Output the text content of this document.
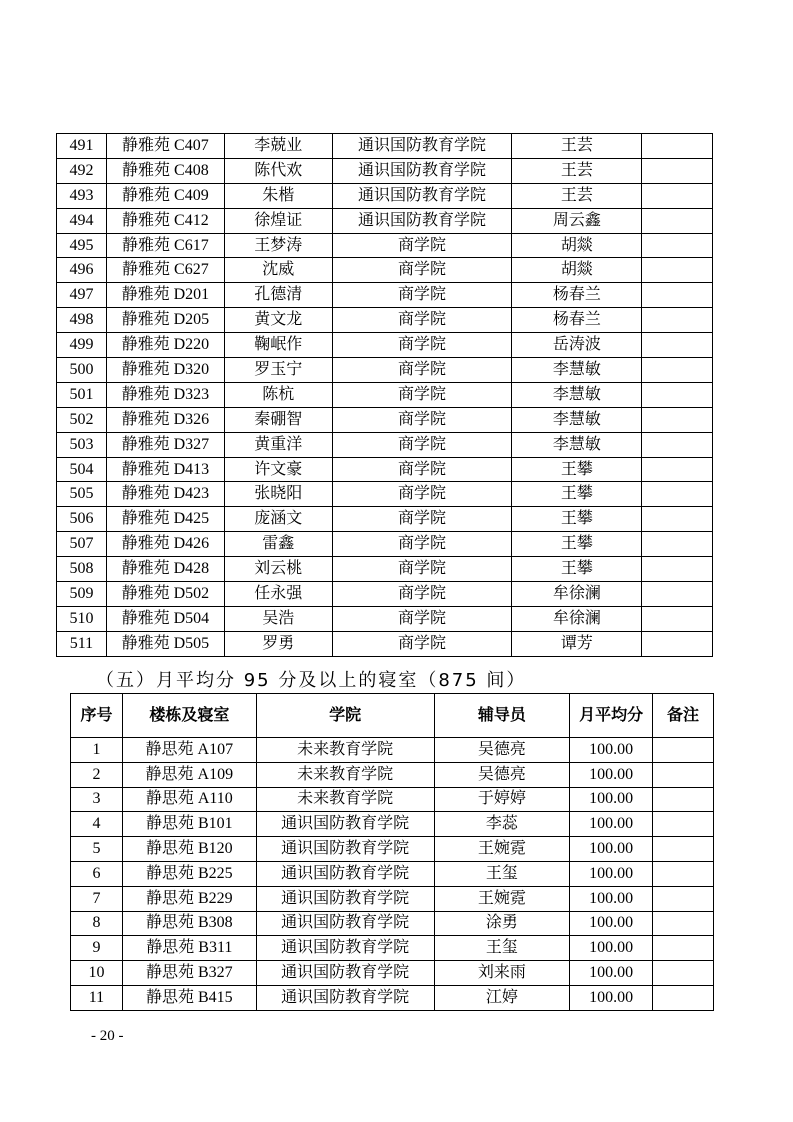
491	静雅苑 C407	李兢业	通识国防教育学院	王芸	
492	静雅苑 C408	陈代欢	通识国防教育学院	王芸	
493	静雅苑 C409	朱楷	通识国防教育学院	王芸	
494	静雅苑 C412	徐煌证	通识国防教育学院	周云鑫	
495	静雅苑 C617	王梦涛	商学院	胡燚	
496	静雅苑 C627	沈威	商学院	胡燚	
497	静雅苑 D201	孔德清	商学院	杨春兰	
498	静雅苑 D205	黄文龙	商学院	杨春兰	
499	静雅苑 D220	鞠岷作	商学院	岳涛波	
500	静雅苑 D320	罗玉宁	商学院	李慧敏	
501	静雅苑 D323	陈杭	商学院	李慧敏	
502	静雅苑 D326	秦硼智	商学院	李慧敏	
503	静雅苑 D327	黄重洋	商学院	李慧敏	
504	静雅苑 D413	许文豪	商学院	王攀	
505	静雅苑 D423	张晓阳	商学院	王攀	
506	静雅苑 D425	庞涵文	商学院	王攀	
507	静雅苑 D426	雷鑫	商学院	王攀	
508	静雅苑 D428	刘云桃	商学院	王攀	
509	静雅苑 D502	任永强	商学院	牟徐澜	
510	静雅苑 D504	吴浩	商学院	牟徐澜	
511	静雅苑 D505	罗勇	商学院	谭芳	
（五）月平均分 95 分及以上的寝室（875 间）
序号	楼栋及寝室	学院	辅导员	月平均分	备注
1	静思苑 A107	未来教育学院	吴德亮	100.00	
2	静思苑 A109	未来教育学院	吴德亮	100.00	
3	静思苑 A110	未来教育学院	于婷婷	100.00	
4	静思苑 B101	通识国防教育学院	李蕊	100.00	
5	静思苑 B120	通识国防教育学院	王婉霓	100.00	
6	静思苑 B225	通识国防教育学院	王玺	100.00	
7	静思苑 B229	通识国防教育学院	王婉霓	100.00	
8	静思苑 B308	通识国防教育学院	涂勇	100.00	
9	静思苑 B311	通识国防教育学院	王玺	100.00	
10	静思苑 B327	通识国防教育学院	刘来雨	100.00	
11	静思苑 B415	通识国防教育学院	江婷	100.00	
- 20 -
